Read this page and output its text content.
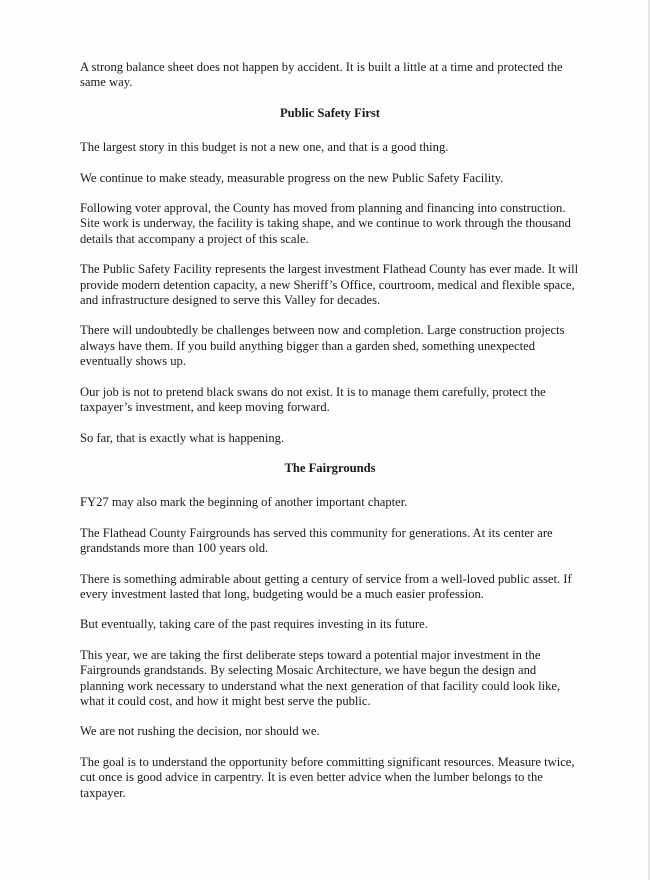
A strong balance sheet does not happen by accident. It is built a little at a time and protected the same way.

Public Safety First

The largest story in this budget is not a new one, and that is a good thing.

We continue to make steady, measurable progress on the new Public Safety Facility.

Following voter approval, the County has moved from planning and financing into construction. Site work is underway, the facility is taking shape, and we continue to work through the thousand details that accompany a project of this scale.

The Public Safety Facility represents the largest investment Flathead County has ever made. It will provide modern detention capacity, a new Sheriff’s Office, courtroom, medical and flexible space, and infrastructure designed to serve this Valley for decades.

There will undoubtedly be challenges between now and completion. Large construction projects always have them. If you build anything bigger than a garden shed, something unexpected eventually shows up.

Our job is not to pretend black swans do not exist. It is to manage them carefully, protect the taxpayer’s investment, and keep moving forward.

So far, that is exactly what is happening.

The Fairgrounds

FY27 may also mark the beginning of another important chapter.

The Flathead County Fairgrounds has served this community for generations. At its center are grandstands more than 100 years old.

There is something admirable about getting a century of service from a well-loved public asset. If every investment lasted that long, budgeting would be a much easier profession.

But eventually, taking care of the past requires investing in its future.

This year, we are taking the first deliberate steps toward a potential major investment in the Fairgrounds grandstands. By selecting Mosaic Architecture, we have begun the design and planning work necessary to understand what the next generation of that facility could look like, what it could cost, and how it might best serve the public.

We are not rushing the decision, nor should we.

The goal is to understand the opportunity before committing significant resources. Measure twice, cut once is good advice in carpentry. It is even better advice when the lumber belongs to the taxpayer.
